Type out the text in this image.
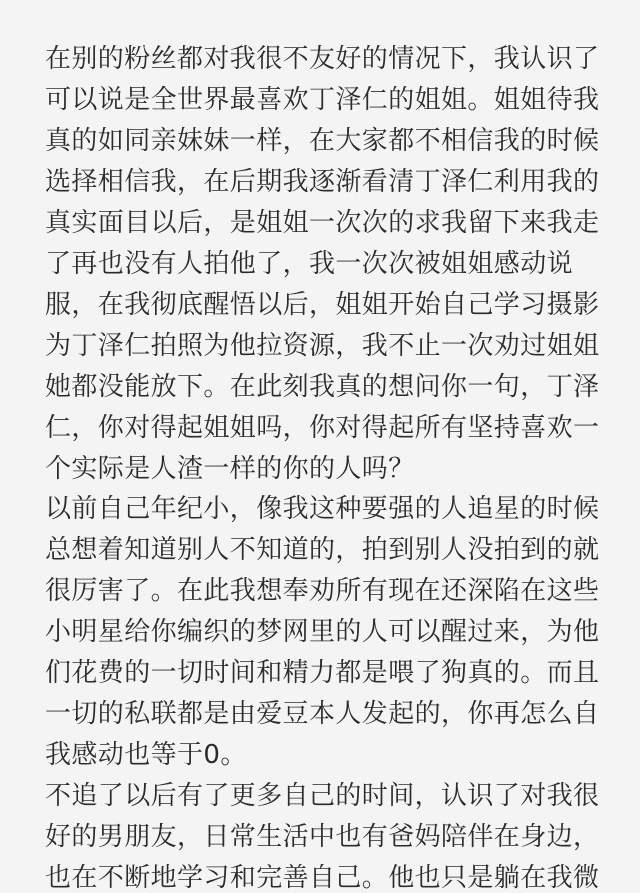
在别的粉丝都对我很不友好的情况下，我认识了
可以说是全世界最喜欢丁泽仁的姐姐。姐姐待我
真的如同亲妹妹一样，在大家都不相信我的时候
选择相信我，在后期我逐渐看清丁泽仁利用我的
真实面目以后，是姐姐一次次的求我留下来我走
了再也没有人拍他了，我一次次被姐姐感动说
服，在我彻底醒悟以后，姐姐开始自己学习摄影
为丁泽仁拍照为他拉资源，我不止一次劝过姐姐
她都没能放下。在此刻我真的想问你一句，丁泽
仁，你对得起姐姐吗，你对得起所有坚持喜欢一
个实际是人渣一样的你的人吗？
以前自己年纪小，像我这种要强的人追星的时候
总想着知道别人不知道的，拍到别人没拍到的就
很厉害了。在此我想奉劝所有现在还深陷在这些
小明星给你编织的梦网里的人可以醒过来，为他
们花费的一切时间和精力都是喂了狗真的。而且
一切的私联都是由爱豆本人发起的，你再怎么自
我感动也等于0。
不追了以后有了更多自己的时间，认识了对我很
好的男朋友，日常生活中也有爸妈陪伴在身边，
也在不断地学习和完善自己。他也只是躺在我微
